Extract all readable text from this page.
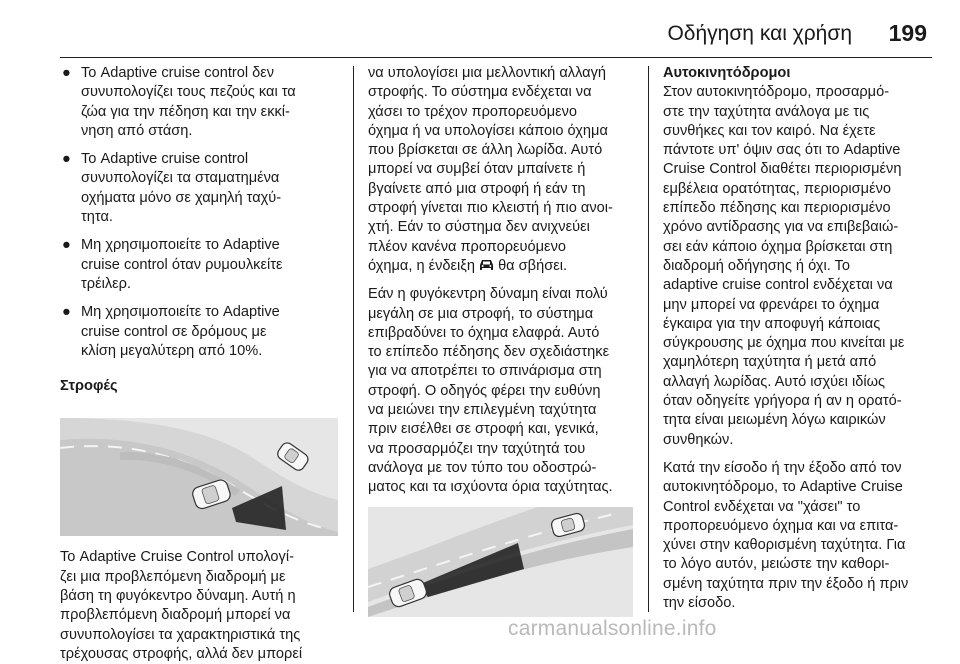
Οδήγηση και χρήση 199
● Το Adaptive cruise control δεν
συνυπολογίζει τους πεζούς και τα
ζώα για την πέδηση και την εκκί-
νηση από στάση.
● Το Adaptive cruise control
συνυπολογίζει τα σταματημένα
οχήματα μόνο σε χαμηλή ταχύ-
τητα.
● Μη χρησιμοποιείτε το Adaptive
cruise control όταν ρυμουλκείτε
τρέιλερ.
● Μη χρησιμοποιείτε το Adaptive
cruise control σε δρόμους με
κλίση μεγαλύτερη από 10%.
Στροφές
Το Adaptive Cruise Control υπολογί-
ζει μια προβλεπόμενη διαδρομή με
βάση τη φυγόκεντρο δύναμη. Αυτή η
προβλεπόμενη διαδρομή μπορεί να
συνυπολογίσει τα χαρακτηριστικά της
τρέχουσας στροφής, αλλά δεν μπορεί

να υπολογίσει μια μελλοντική αλλαγή
στροφής. Το σύστημα ενδέχεται να
χάσει το τρέχον προπορευόμενο
όχημα ή να υπολογίσει κάποιο όχημα
που βρίσκεται σε άλλη λωρίδα. Αυτό
μπορεί να συμβεί όταν μπαίνετε ή
βγαίνετε από μια στροφή ή εάν τη
στροφή γίνεται πιο κλειστή ή πιο ανοι-
χτή. Εάν το σύστημα δεν ανιχνεύει
πλέον κανένα προπορευόμενο
όχημα, η ένδειξη  θα σβήσει.

Εάν η φυγόκεντρη δύναμη είναι πολύ
μεγάλη σε μια στροφή, το σύστημα
επιβραδύνει το όχημα ελαφρά. Αυτό
το επίπεδο πέδησης δεν σχεδιάστηκε
για να αποτρέπει το σπινάρισμα στη
στροφή. Ο οδηγός φέρει την ευθύνη
να μειώνει την επιλεγμένη ταχύτητα
πριν εισέλθει σε στροφή και, γενικά,
να προσαρμόζει την ταχύτητά του
ανάλογα με τον τύπο του οδοστρώ-
ματος και τα ισχύοντα όρια ταχύτητας.

Αυτοκινητόδρομοι

Στον αυτοκινητόδρομο, προσαρμό-
στε την ταχύτητα ανάλογα με τις
συνθήκες και τον καιρό. Να έχετε
πάντοτε υπ' όψιν σας ότι το Adaptive
Cruise Control διαθέτει περιορισμένη
εμβέλεια ορατότητας, περιορισμένο
επίπεδο πέδησης και περιορισμένο
χρόνο αντίδρασης για να επιβεβαιώ-
σει εάν κάποιο όχημα βρίσκεται στη
διαδρομή οδήγησης ή όχι. Το
adaptive cruise control ενδέχεται να
μην μπορεί να φρενάρει το όχημα
έγκαιρα για την αποφυγή κάποιας
σύγκρουσης με όχημα που κινείται με
χαμηλότερη ταχύτητα ή μετά από
αλλαγή λωρίδας. Αυτό ισχύει ιδίως
όταν οδηγείτε γρήγορα ή αν η ορατό-
τητα είναι μειωμένη λόγω καιρικών
συνθηκών.

Κατά την είσοδο ή την έξοδο από τον
αυτοκινητόδρομο, το Adaptive Cruise
Control ενδέχεται να "χάσει" το
προπορευόμενο όχημα και να επιτα-
χύνει στην καθορισμένη ταχύτητα. Για
το λόγο αυτόν, μειώστε την καθορι-
σμένη ταχύτητα πριν την έξοδο ή πριν
την είσοδο.

carmanualsonline.info
